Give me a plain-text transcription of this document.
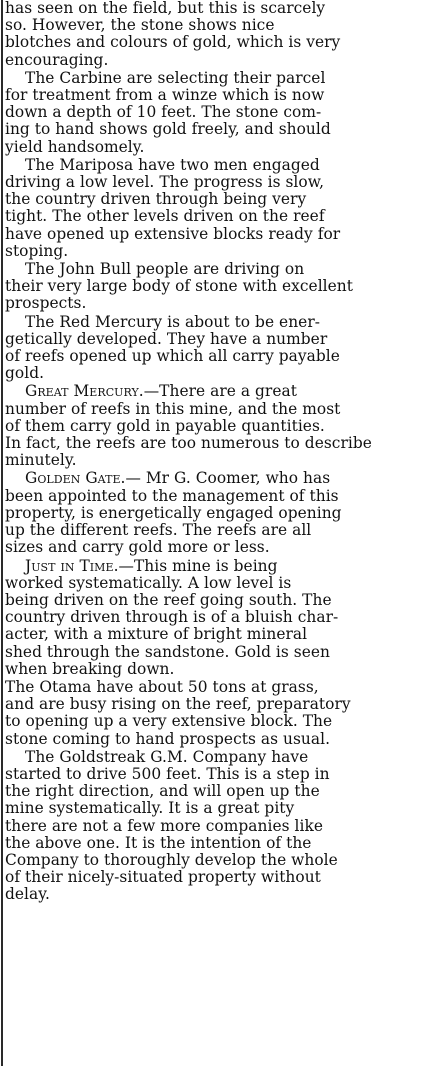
has seen on the field, but this is scarcely
so. However, the stone shows nice
blotches and colours of gold, which is very
encouraging.

The Carbine are selecting their parcel
for treatment from a winze which is now
down a depth of 10 feet. The stone com-
ing to hand shows gold freely, and should
yield handsomely.

The Mariposa have two men engaged
driving a low level. The progress is slow,
the country driven through being very
tight. The other levels driven on the reef
have opened up extensive blocks ready for
stoping.

The John Bull people are driving on
their very large body of stone with excellent
prospects.

The Red Mercury is about to be ener-
getically developed. They have a number
of reefs opened up which all carry payable
gold.

Great Mercury.—There are a great
number of reefs in this mine, and the most
of them carry gold in payable quantities.
In fact, the reefs are too numerous to describe
minutely.

Golden Gate.— Mr G. Coomer, who has
been appointed to the management of this
property, is energetically engaged opening
up the different reefs. The reefs are all
sizes and carry gold more or less.

Just in Time.—This mine is being
worked systematically. A low level is
being driven on the reef going south. The
country driven through is of a bluish char-
acter, with a mixture of bright mineral
shed through the sandstone. Gold is seen
when breaking down.

The Otama have about 50 tons at grass,
and are busy rising on the reef, preparatory
to opening up a very extensive block. The
stone coming to hand prospects as usual.

The Goldstreak G.M. Company have
started to drive 500 feet. This is a step in
the right direction, and will open up the
mine systematically. It is a great pity
there are not a few more companies like
the above one. It is the intention of the
Company to thoroughly develop the whole
of their nicely-situated property without
delay.
